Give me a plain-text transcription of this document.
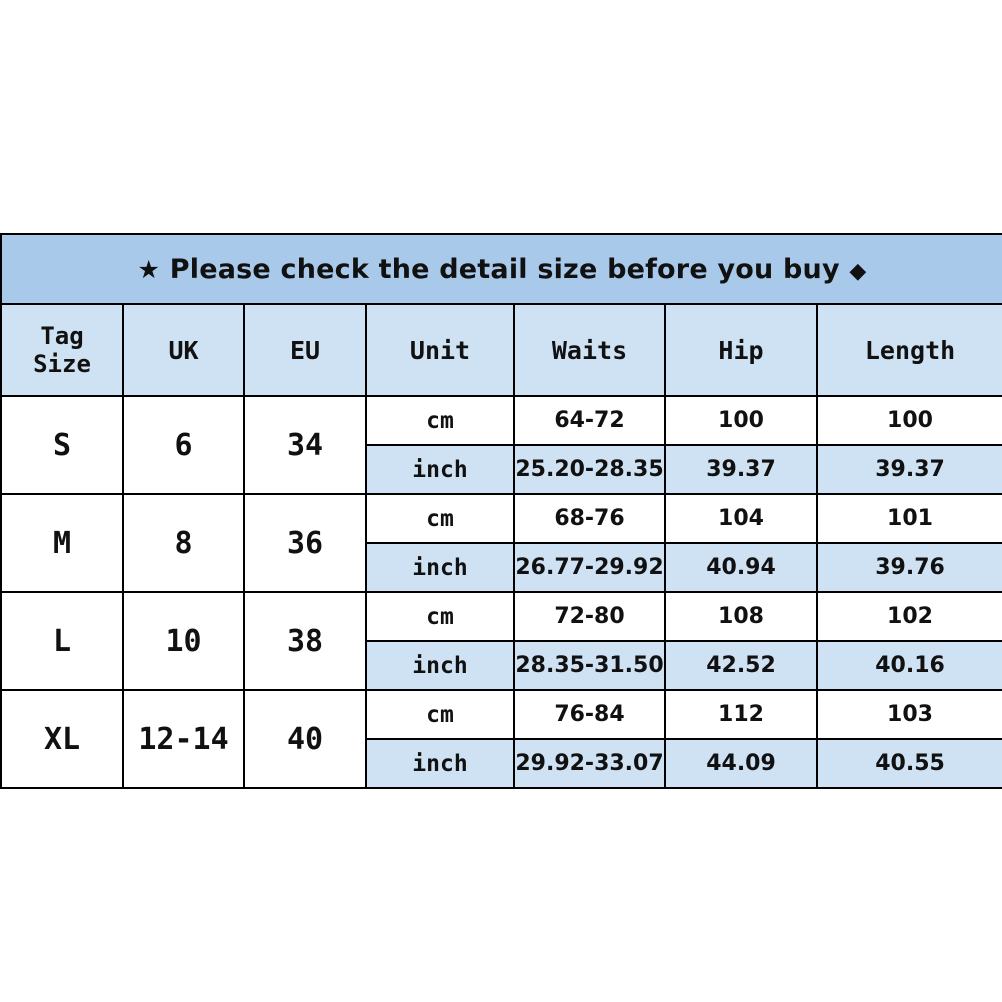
★ Please check the detail size before you buy ◆						

Tag
Size	UK	EU	Unit	Waits	Hip	Length
S	6	34	cm	64-72	100	100
			inch	25.20-28.35	39.37	39.37
M	8	36	cm	68-76	104	101
			inch	26.77-29.92	40.94	39.76
L	10	38	cm	72-80	108	102
			inch	28.35-31.50	42.52	40.16
XL	12-14	40	cm	76-84	112	103
			inch	29.92-33.07	44.09	40.55
